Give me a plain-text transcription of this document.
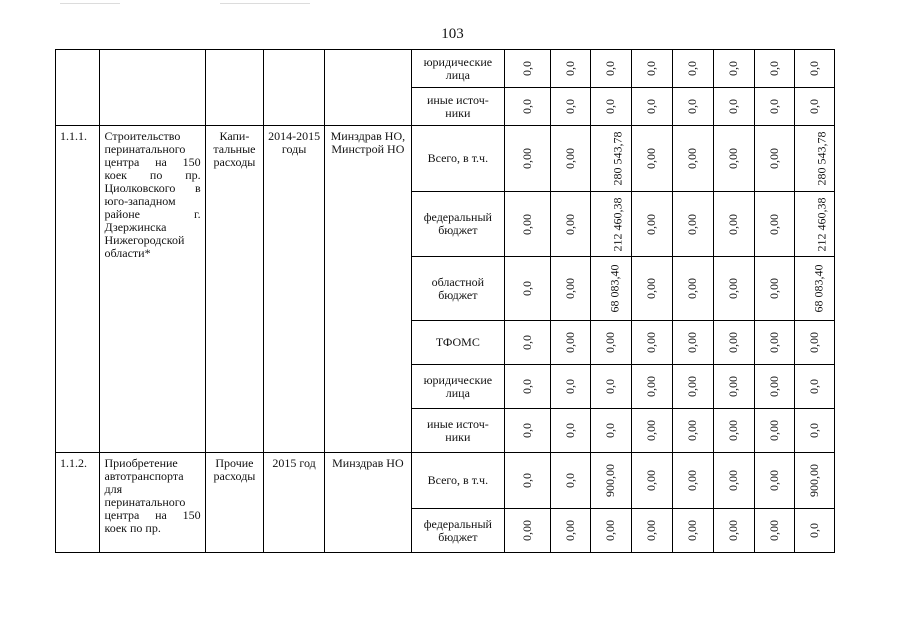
103
					юридические лица	0,0	0,0	0,0	0,0	0,0	0,0	0,0	0,0
					иные источ-ники	0,0	0,0	0,0	0,0	0,0	0,0	0,0	0,0
1.1.1.	Строительство перинатального центра на 150 коек по пр. Циолковского в юго-западном районе г. Дзержинска Нижегородской области*	Капи-тальные расходы	2014-2015 годы	Минздрав НО, Минстрой НО	Всего, в т.ч.	0,00	0,00	280 543,78	0,00	0,00	0,00	0,00	280 543,78
					федеральный бюджет	0,00	0,00	212 460,38	0,00	0,00	0,00	0,00	212 460,38
					областной бюджет	0,0	0,00	68 083,40	0,00	0,00	0,00	0,00	68 083,40
					ТФОМС	0,0	0,00	0,00	0,00	0,00	0,00	0,00	0,00
					юридические лица	0,0	0,0	0,0	0,00	0,00	0,00	0,00	0,0
					иные источ-ники	0,0	0,0	0,0	0,00	0,00	0,00	0,00	0,0
1.1.2.	Приобретение автотранспорта для перинатального центра на 150 коек по пр.	Прочие расходы	2015 год	Минздрав НО	Всего, в т.ч.	0,0	0,0	900,00	0,00	0,00	0,00	0,00	900,00
					федеральный бюджет	0,00	0,00	0,00	0,00	0,00	0,00	0,00	0,0
